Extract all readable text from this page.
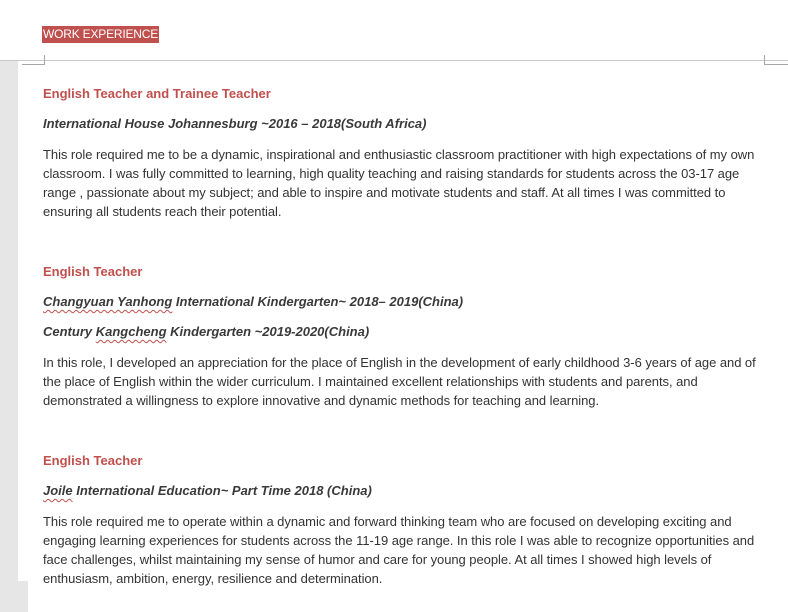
WORK EXPERIENCE

English Teacher and Trainee Teacher

International House Johannesburg ~2016 – 2018(South Africa)

This role required me to be a dynamic, inspirational and enthusiastic classroom practitioner with high expectations of my own classroom. I was fully committed to learning, high quality teaching and raising standards for students across the 03-17 age range , passionate about my subject; and able to inspire and motivate students and staff. At all times I was committed to ensuring all students reach their potential.

English Teacher

Changyuan Yanhong International Kindergarten~ 2018– 2019(China)

Century Kangcheng Kindergarten ~2019-2020(China)

In this role, I developed an appreciation for the place of English in the development of early childhood 3-6 years of age and of the place of English within the wider curriculum. I maintained excellent relationships with students and parents, and demonstrated a willingness to explore innovative and dynamic methods for teaching and learning.

English Teacher

Joile International Education~ Part Time 2018 (China)

This role required me to operate within a dynamic and forward thinking team who are focused on developing exciting and engaging learning experiences for students across the 11-19 age range. In this role I was able to recognize opportunities and face challenges, whilst maintaining my sense of humor and care for young people. At all times I showed high levels of enthusiasm, ambition, energy, resilience and determination.
